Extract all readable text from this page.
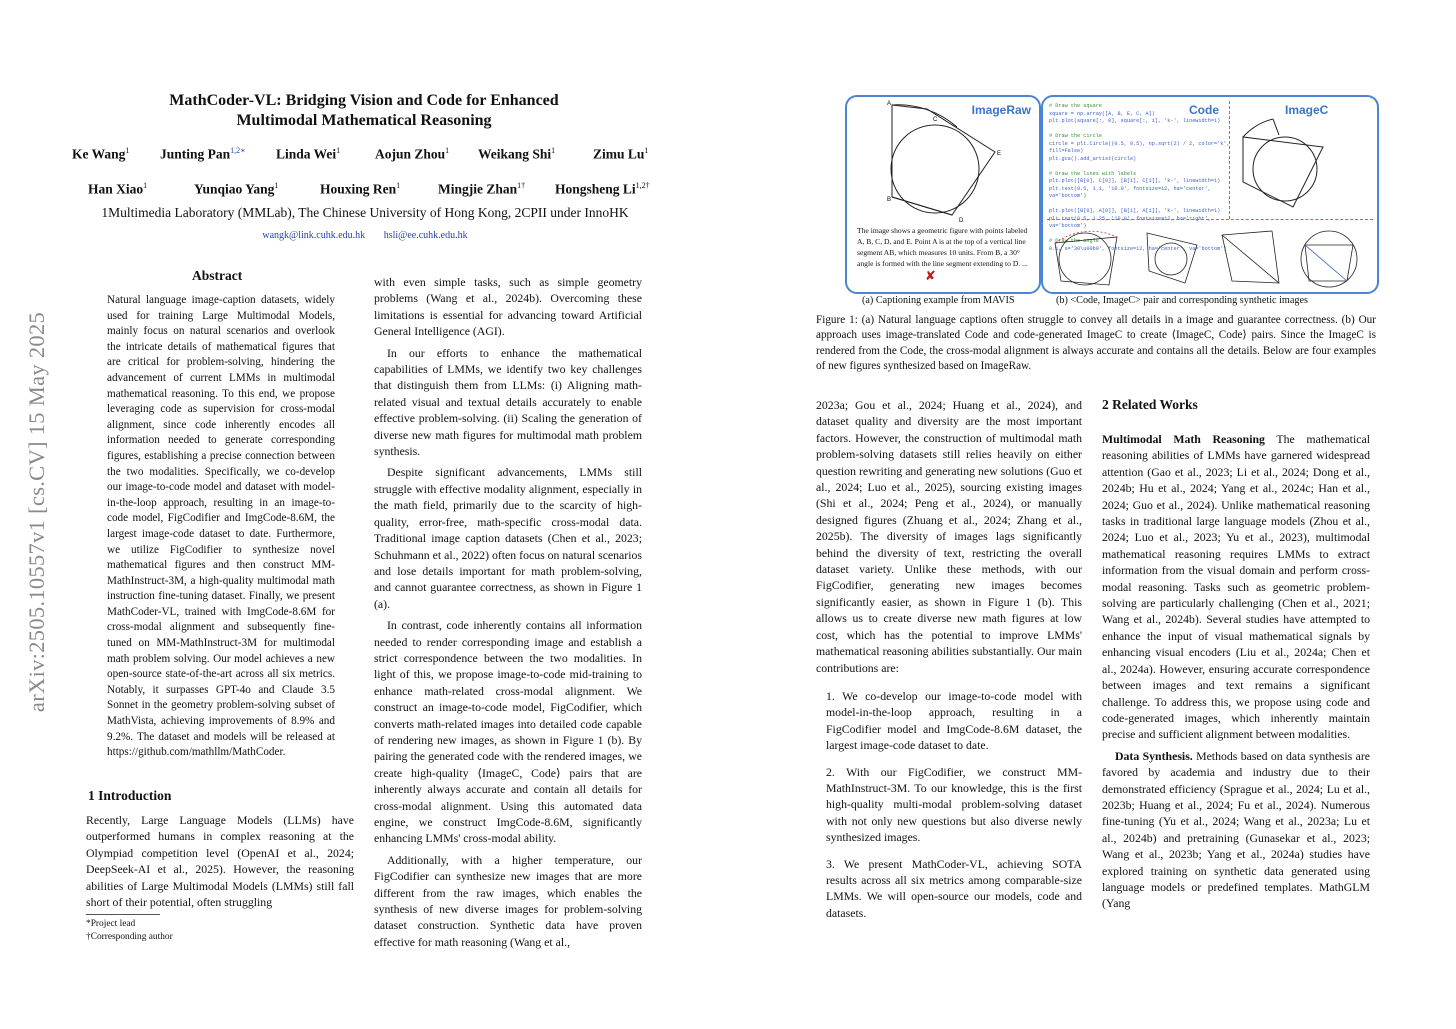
arXiv:2505.10557v1 [cs.CV] 15 May 2025
MathCoder-VL: Bridging Vision and Code for Enhanced
Multimodal Mathematical Reasoning
Ke Wang$^1$ Junting Pan$^{1,2∗}$ Linda Wei$^1$	Aojun Zhou$^1$ Weikang Shi$^1$	Zimu Lu$^1$
Han Xiao$^1$	Yunqiao Yang$^1$	Houxing Ren$^1$	Mingjie Zhan$^{1\dagger}$ Hongsheng $Li^{1,2\dagger}$
1Multimedia Laboratory (MMLab), The Chinese University of Hong Kong, 2CPII under InnoHK
wangk@link.cuhk.edu.hk hsli@ee.cuhk.edu.hk
Abstract

Natural language image-caption datasets, widely used for training Large Multimodal Models, mainly focus on natural scenarios and overlook the intricate details of mathematical figures that are critical for problem-solving, hindering the advancement of current LMMs in multimodal mathematical reasoning. To this end, we propose leveraging code as supervision for cross-modal alignment, since code inherently encodes all information needed to generate corresponding figures, establishing a precise connection between the two modalities. Specifically, we co-develop our image-to-code model and dataset with model-in-the-loop approach, resulting in an image-to-code model, FigCodifier and ImgCode-8.6M, the largest image-code dataset to date. Furthermore, we utilize FigCodifier to synthesize novel mathematical figures and then construct MM-MathInstruct-3M, a high-quality multimodal math instruction fine-tuning dataset. Finally, we present MathCoder-VL, trained with ImgCode-8.6M for cross-modal alignment and subsequently fine-tuned on MM-MathInstruct-3M for multimodal math problem solving. Our model achieves a new open-source state-of-the-art across all six metrics. Notably, it surpasses GPT-4o and Claude 3.5 Sonnet in the geometry problem-solving subset of MathVista, achieving improvements of 8.9% and 9.2%. The dataset and models will be released at https://github.com/mathllm/MathCoder.

1 Introduction

Recently, Large Language Models (LLMs) have outperformed humans in complex reasoning at the Olympiad competition level (OpenAI et al., 2024; DeepSeek-AI et al., 2025). However, the reasoning abilities of Large Multimodal Models (LMMs) still fall short of their potential, often struggling

*Project lead
†Corresponding author

with even simple tasks, such as simple geometry problems (Wang et al., 2024b). Overcoming these limitations is essential for advancing toward Artificial General Intelligence (AGI).

In our efforts to enhance the mathematical capabilities of LMMs, we identify two key challenges that distinguish them from LLMs: (i) Aligning math-related visual and textual details accurately to enable effective problem-solving. (ii) Scaling the generation of diverse new math figures for multimodal math problem synthesis.

Despite significant advancements, LMMs still struggle with effective modality alignment, especially in the math field, primarily due to the scarcity of high-quality, error-free, math-specific cross-modal data. Traditional image caption datasets (Chen et al., 2023; Schuhmann et al., 2022) often focus on natural scenarios and lose details important for math problem-solving, and cannot guarantee correctness, as shown in Figure 1 (a).

In contrast, code inherently contains all information needed to render corresponding image and establish a strict correspondence between the two modalities. In light of this, we propose image-to-code mid-training to enhance math-related cross-modal alignment. We construct an image-to-code model, FigCodifier, which converts math-related images into detailed code capable of rendering new images, as shown in Figure 1 (b). By pairing the generated code with the rendered images, we create high-quality ⟨ImageC, Code⟩ pairs that are inherently always accurate and contain all details for cross-modal alignment. Using this automated data engine, we construct ImgCode-8.6M, significantly enhancing LMMs' cross-modal ability.

Additionally, with a higher temperature, our FigCodifier can synthesize new images that are more different from the raw images, which enables the synthesis of new diverse images for problem-solving dataset construction. Synthetic data have proven effective for math reasoning (Wang et al.,

ImageRaw
A
B
C
D
E
The image shows a geometric figure with points labeled A, B, C, D, and E. Point A is at the top of a vertical line segment AB, which measures 10 units. From B, a 30° angle is formed with the line segment extending to D. ...
✘
# Draw the square
square = np.array([A, B, E, C, A])
plt.plot(square[:, 0], square[:, 1], 'k-', linewidth=1)

# Draw the circle
circle = plt.Circle((0.5, 0.5), np.sqrt(2) / 2, color='k',
fill=False)
plt.gca().add_artist(circle)

# Draw the lines with labels
plt.plot([B[0], C[0]], [B[1], C[1]], 'k-', linewidth=1)
plt.text(0.5, 1.1, '10.0', fontsize=12, ha='center',
va='bottom')

plt.plot([B[0], A[0]], [B[1], A[1]], 'k-', linewidth=1)
plt.text(0.5, 1.25, '10.0', fontsize=12, ha='right',
va='bottom')

# Draw the angle
0.1, s='30\u00b0', fontsize=12, ha='center', va='bottom')
Code	ImageC
(a) Captioning example from MAVIS	(b) <Code, ImageC> pair and corresponding synthetic images
Figure 1: (a) Natural language captions often struggle to convey all details in a image and guarantee correctness. (b) Our approach uses image-translated Code and code-generated ImageC to create ⟨ImageC, Code⟩ pairs. Since the ImageC is rendered from the Code, the cross-modal alignment is always accurate and contains all the details. Below are four examples of new figures synthesized based on ImageRaw.

2023a; Gou et al., 2024; Huang et al., 2024), and dataset quality and diversity are the most important factors. However, the construction of multimodal math problem-solving datasets still relies heavily on either question rewriting and generating new solutions (Guo et al., 2024; Luo et al., 2025), sourcing existing images (Shi et al., 2024; Peng et al., 2024), or manually designed figures (Zhuang et al., 2024; Zhang et al., 2025b). The diversity of images lags significantly behind the diversity of text, restricting the overall dataset variety. Unlike these methods, with our FigCodifier, generating new images becomes significantly easier, as shown in Figure 1 (b). This allows us to create diverse new math figures at low cost, which has the potential to improve LMMs' mathematical reasoning abilities substantially. Our main contributions are:

1. We co-develop our image-to-code model with model-in-the-loop approach, resulting in a FigCodifier model and ImgCode-8.6M dataset, the largest image-code dataset to date.
2. With our FigCodifier, we construct MM-MathInstruct-3M. To our knowledge, this is the first high-quality multi-modal problem-solving dataset with not only new questions but also diverse newly synthesized images.
3. We present MathCoder-VL, achieving SOTA results across all six metrics among comparable-size LMMs. We will open-source our models, code and datasets.
2 Related Works

Multimodal Math Reasoning The mathematical reasoning abilities of LMMs have garnered widespread attention (Gao et al., 2023; Li et al., 2024; Dong et al., 2024b; Hu et al., 2024; Yang et al., 2024c; Han et al., 2024; Guo et al., 2024). Unlike mathematical reasoning tasks in traditional large language models (Zhou et al., 2024; Luo et al., 2023; Yu et al., 2023), multimodal mathematical reasoning requires LMMs to extract information from the visual domain and perform cross-modal reasoning. Tasks such as geometric problem-solving are particularly challenging (Chen et al., 2021; Wang et al., 2024b). Several studies have attempted to enhance the input of visual mathematical signals by enhancing visual encoders (Liu et al., 2024a; Chen et al., 2024a). However, ensuring accurate correspondence between images and text remains a significant challenge. To address this, we propose using code and code-generated images, which inherently maintain precise and sufficient alignment between modalities.

Data Synthesis. Methods based on data synthesis are favored by academia and industry due to their demonstrated efficiency (Sprague et al., 2024; Lu et al., 2023b; Huang et al., 2024; Fu et al., 2024). Numerous fine-tuning (Yu et al., 2024; Wang et al., 2023a; Lu et al., 2024b) and pretraining (Gunasekar et al., 2023; Wang et al., 2023b; Yang et al., 2024a) studies have explored training on synthetic data generated using language models or predefined templates. MathGLM (Yang
